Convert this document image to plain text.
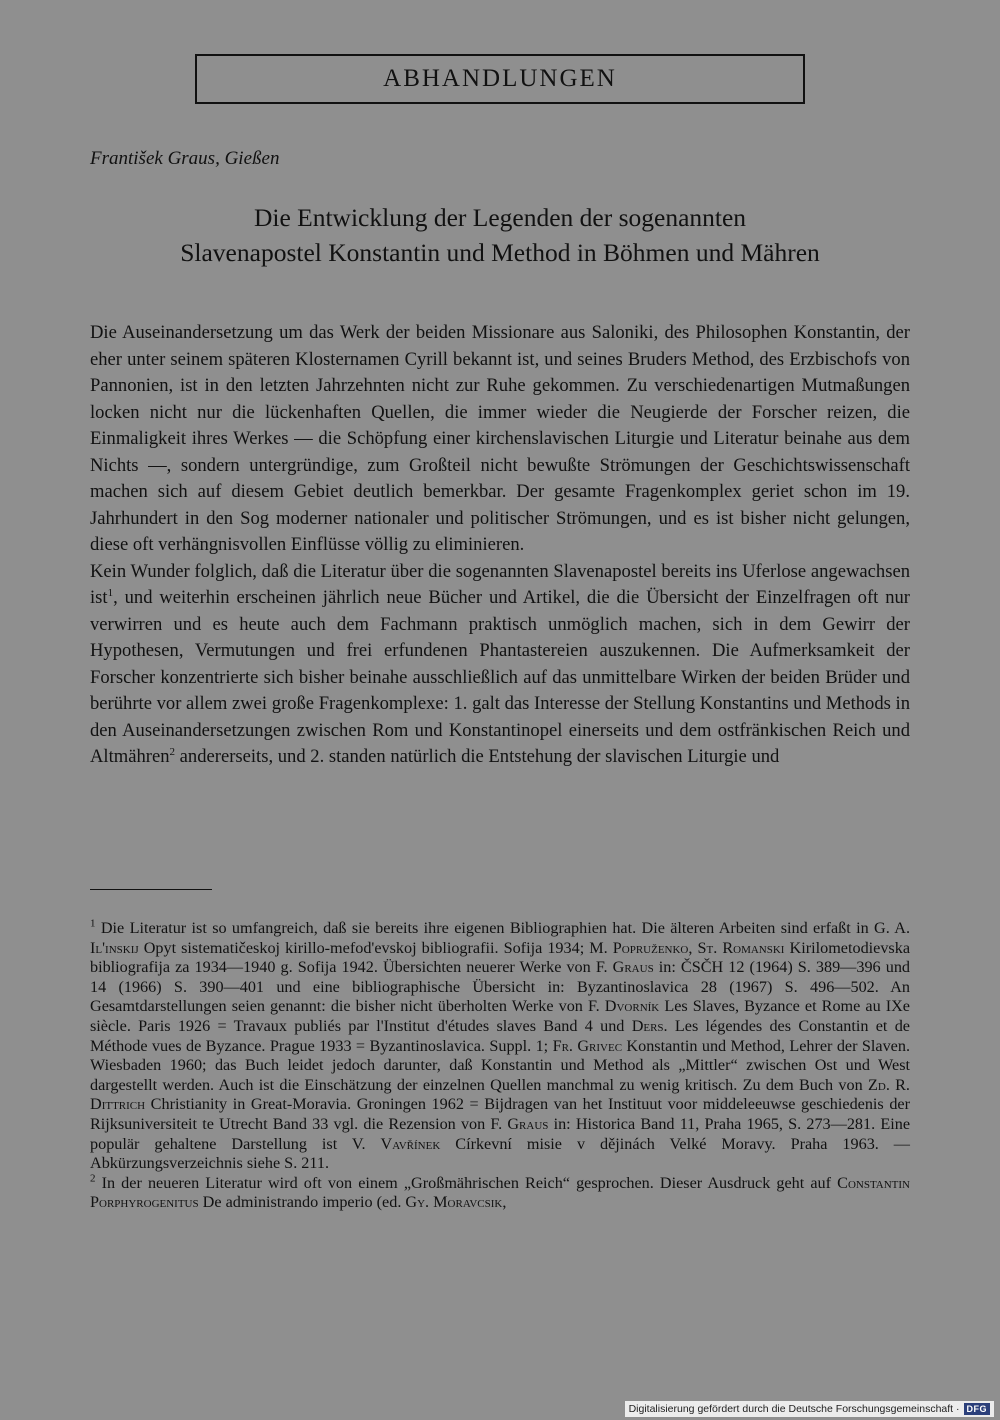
ABHANDLUNGEN
František Graus, Gießen
Die Entwicklung der Legenden der sogenannten
Slavenapostel Konstantin und Method in Böhmen und Mähren

Die Auseinandersetzung um das Werk der beiden Missionare aus Saloniki, des Philosophen Konstantin, der eher unter seinem späteren Klosternamen Cyrill bekannt ist, und seines Bruders Method, des Erzbischofs von Pannonien, ist in den letzten Jahrzehnten nicht zur Ruhe gekommen. Zu verschiedenartigen Mutmaßungen locken nicht nur die lückenhaften Quellen, die immer wieder die Neugierde der Forscher reizen, die Einmaligkeit ihres Werkes — die Schöpfung einer kirchenslavischen Liturgie und Literatur beinahe aus dem Nichts —, sondern untergründige, zum Großteil nicht bewußte Strömungen der Geschichtswissenschaft machen sich auf diesem Gebiet deutlich bemerkbar. Der gesamte Fragenkomplex geriet schon im 19. Jahrhundert in den Sog moderner nationaler und politischer Strömungen, und es ist bisher nicht gelungen, diese oft verhängnisvollen Einflüsse völlig zu eliminieren.

Kein Wunder folglich, daß die Literatur über die sogenannten Slavenapostel bereits ins Uferlose angewachsen ist$^1$, und weiterhin erscheinen jährlich neue Bücher und Artikel, die die Übersicht der Einzelfragen oft nur verwirren und es heute auch dem Fachmann praktisch unmöglich machen, sich in dem Gewirr der Hypothesen, Vermutungen und frei erfundenen Phantastereien auszukennen. Die Aufmerksamkeit der Forscher konzentrierte sich bisher beinahe ausschließlich auf das unmittelbare Wirken der beiden Brüder und berührte vor allem zwei große Fragenkomplexe: 1. galt das Interesse der Stellung Konstantins und Methods in den Auseinandersetzungen zwischen Rom und Konstantinopel einerseits und dem ostfränkischen Reich und Altmähren$^2$ andererseits, und 2. standen natürlich die Entstehung der slavischen Liturgie und

$^1$ Die Literatur ist so umfangreich, daß sie bereits ihre eigenen Bibliographien hat. Die älteren Arbeiten sind erfaßt in G. A. Il'inskij Opyt sistematičeskoj kirillo-mefod'evskoj bibliografii. Sofija 1934; M. Popruženko, St. Romanski Kirilometodievska bibliografija za 1934—1940 g. Sofija 1942. Übersichten neuerer Werke von F. Graus in: ČSČH 12 (1964) S. 389—396 und 14 (1966) S. 390—401 und eine bibliographische Übersicht in: Byzantinoslavica 28 (1967) S. 496—502. An Gesamtdarstellungen seien genannt: die bisher nicht überholten Werke von F. Dvorník Les Slaves, Byzance et Rome au IXe siècle. Paris 1926 = Travaux publiés par l'Institut d'études slaves Band 4 und Ders. Les légendes des Constantin et de Méthode vues de Byzance. Prague 1933 = Byzantinoslavica. Suppl. 1; Fr. Grivec Konstantin und Method, Lehrer der Slaven. Wiesbaden 1960; das Buch leidet jedoch darunter, daß Konstantin und Method als „Mittler“ zwischen Ost und West dargestellt werden. Auch ist die Einschätzung der einzelnen Quellen manchmal zu wenig kritisch. Zu dem Buch von Zd. R. Dittrich Christianity in Great-Moravia. Groningen 1962 = Bijdragen van het Instituut voor middeleeuwse geschiedenis der Rijksuniversiteit te Utrecht Band 33 vgl. die Rezension von F. Graus in: Historica Band 11, Praha 1965, S. 273—281. Eine populär gehaltene Darstellung ist V. Vavřínek Církevní misie v dějinách Velké Moravy. Praha 1963. — Abkürzungsverzeichnis siehe S. 211.

$^2$ In der neueren Literatur wird oft von einem „Großmährischen Reich“ gesprochen. Dieser Ausdruck geht auf Constantin Porphyrogenitus De administrando imperio (ed. Gy. Moravcsik,

Digitalisierung gefördert durch die Deutsche Forschungsgemeinschaft · DFG
